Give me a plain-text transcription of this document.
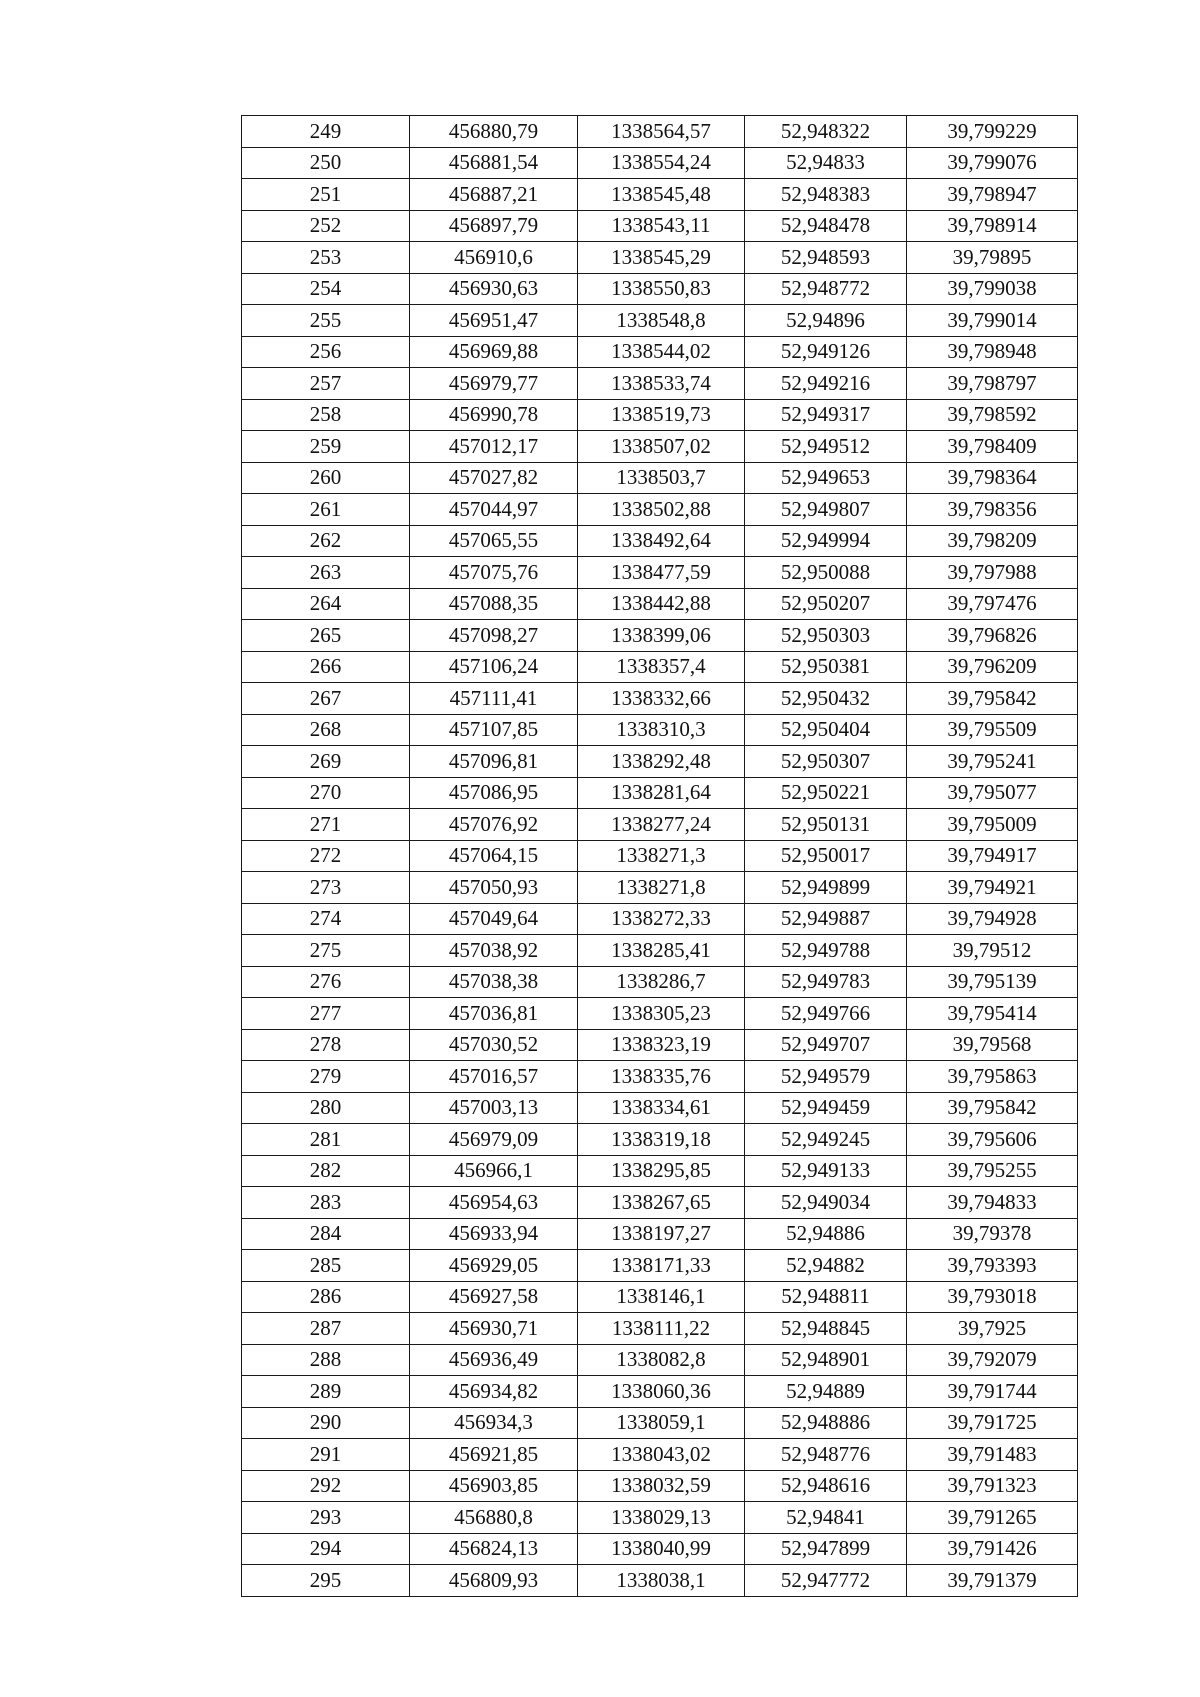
249	456880,79	1338564,57	52,948322	39,799229
250	456881,54	1338554,24	52,94833	39,799076
251	456887,21	1338545,48	52,948383	39,798947
252	456897,79	1338543,11	52,948478	39,798914
253	456910,6	1338545,29	52,948593	39,79895
254	456930,63	1338550,83	52,948772	39,799038
255	456951,47	1338548,8	52,94896	39,799014
256	456969,88	1338544,02	52,949126	39,798948
257	456979,77	1338533,74	52,949216	39,798797
258	456990,78	1338519,73	52,949317	39,798592
259	457012,17	1338507,02	52,949512	39,798409
260	457027,82	1338503,7	52,949653	39,798364
261	457044,97	1338502,88	52,949807	39,798356
262	457065,55	1338492,64	52,949994	39,798209
263	457075,76	1338477,59	52,950088	39,797988
264	457088,35	1338442,88	52,950207	39,797476
265	457098,27	1338399,06	52,950303	39,796826
266	457106,24	1338357,4	52,950381	39,796209
267	457111,41	1338332,66	52,950432	39,795842
268	457107,85	1338310,3	52,950404	39,795509
269	457096,81	1338292,48	52,950307	39,795241
270	457086,95	1338281,64	52,950221	39,795077
271	457076,92	1338277,24	52,950131	39,795009
272	457064,15	1338271,3	52,950017	39,794917
273	457050,93	1338271,8	52,949899	39,794921
274	457049,64	1338272,33	52,949887	39,794928
275	457038,92	1338285,41	52,949788	39,79512
276	457038,38	1338286,7	52,949783	39,795139
277	457036,81	1338305,23	52,949766	39,795414
278	457030,52	1338323,19	52,949707	39,79568
279	457016,57	1338335,76	52,949579	39,795863
280	457003,13	1338334,61	52,949459	39,795842
281	456979,09	1338319,18	52,949245	39,795606
282	456966,1	1338295,85	52,949133	39,795255
283	456954,63	1338267,65	52,949034	39,794833
284	456933,94	1338197,27	52,94886	39,79378
285	456929,05	1338171,33	52,94882	39,793393
286	456927,58	1338146,1	52,948811	39,793018
287	456930,71	1338111,22	52,948845	39,7925
288	456936,49	1338082,8	52,948901	39,792079
289	456934,82	1338060,36	52,94889	39,791744
290	456934,3	1338059,1	52,948886	39,791725
291	456921,85	1338043,02	52,948776	39,791483
292	456903,85	1338032,59	52,948616	39,791323
293	456880,8	1338029,13	52,94841	39,791265
294	456824,13	1338040,99	52,947899	39,791426
295	456809,93	1338038,1	52,947772	39,791379
